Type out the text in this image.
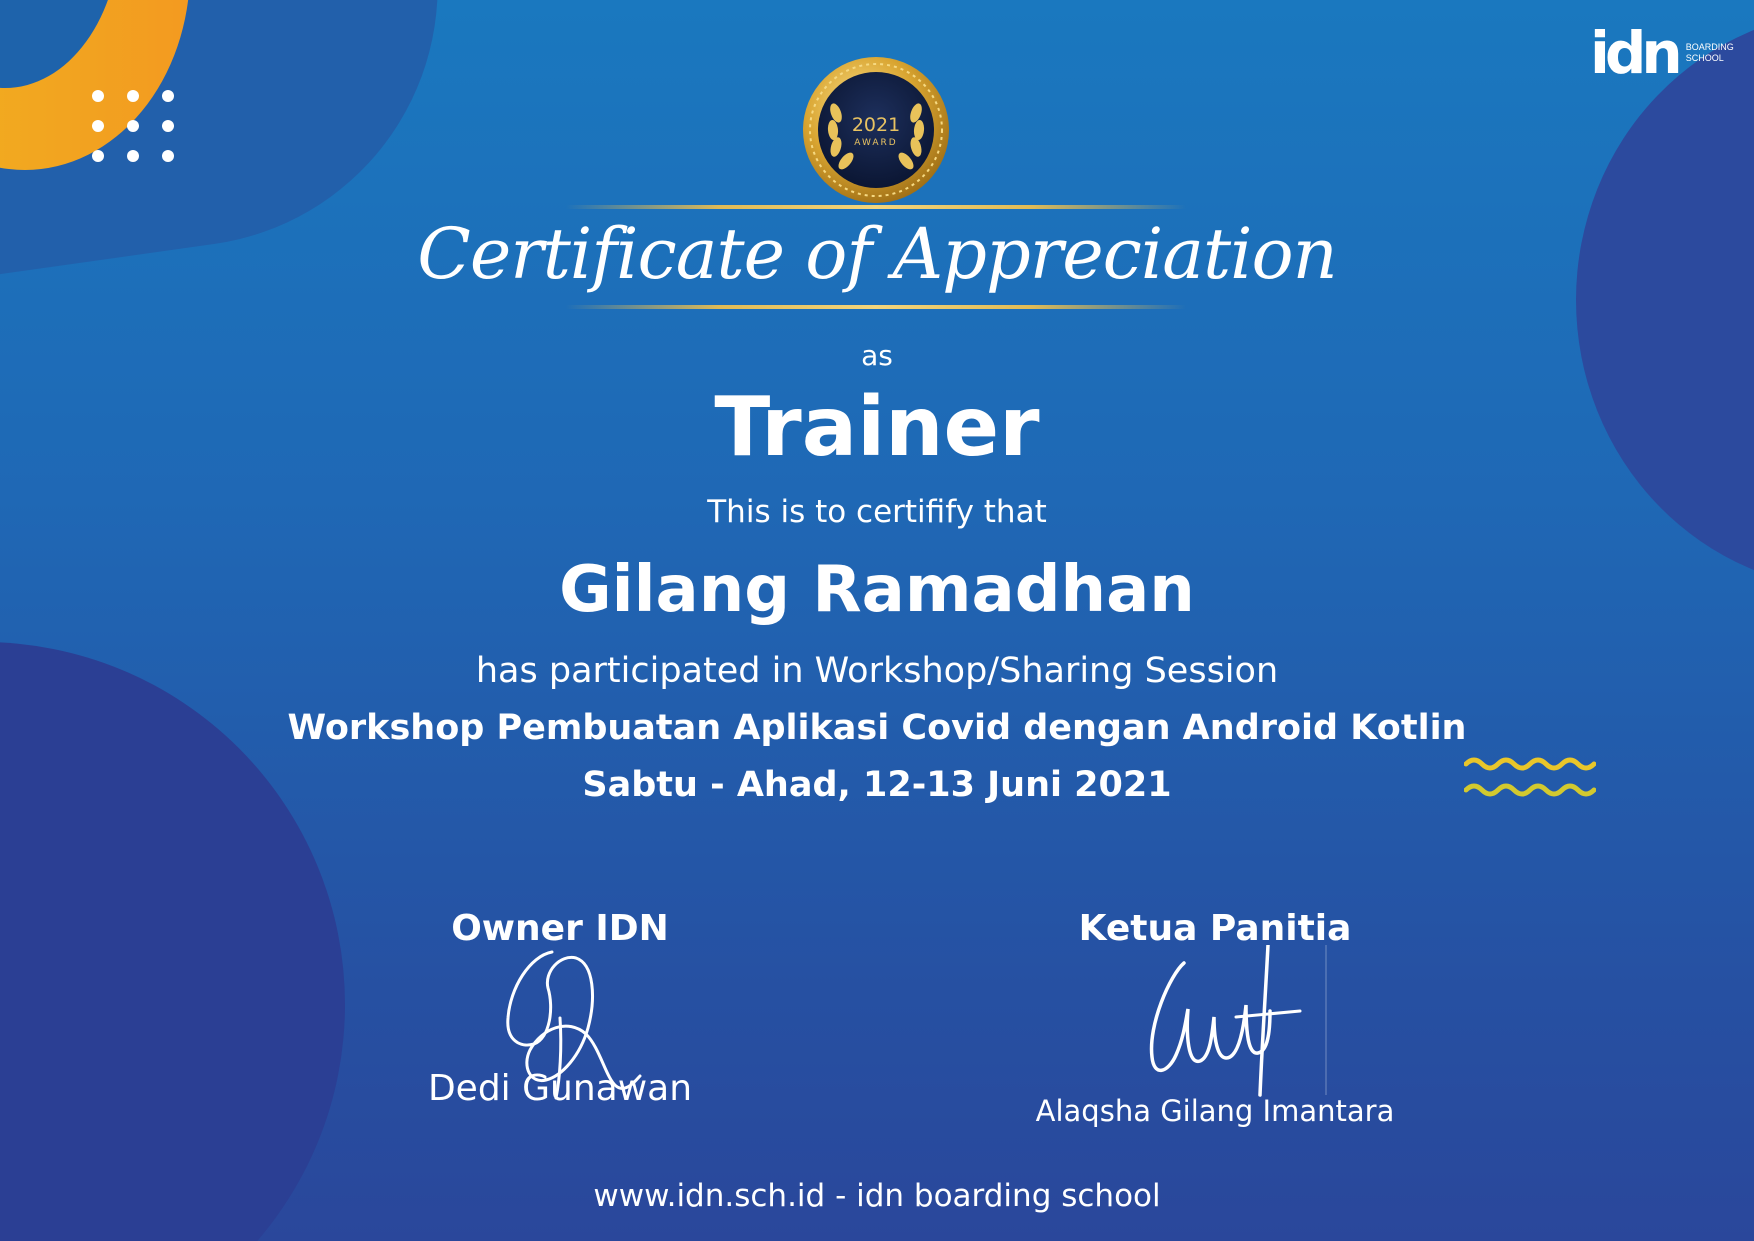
idn BOARDING SCHOOL
2021
AWARD
Certificate of Appreciation
as
Trainer
This is to certifify that
Gilang Ramadhan
has participated in Workshop/Sharing Session
Workshop Pembuatan Aplikasi Covid dengan Android Kotlin
Sabtu - Ahad, 12-13 Juni 2021
Owner IDN
Dedi Gunawan
Ketua Panitia
Alaqsha Gilang Imantara
www.idn.sch.id - idn boarding school
